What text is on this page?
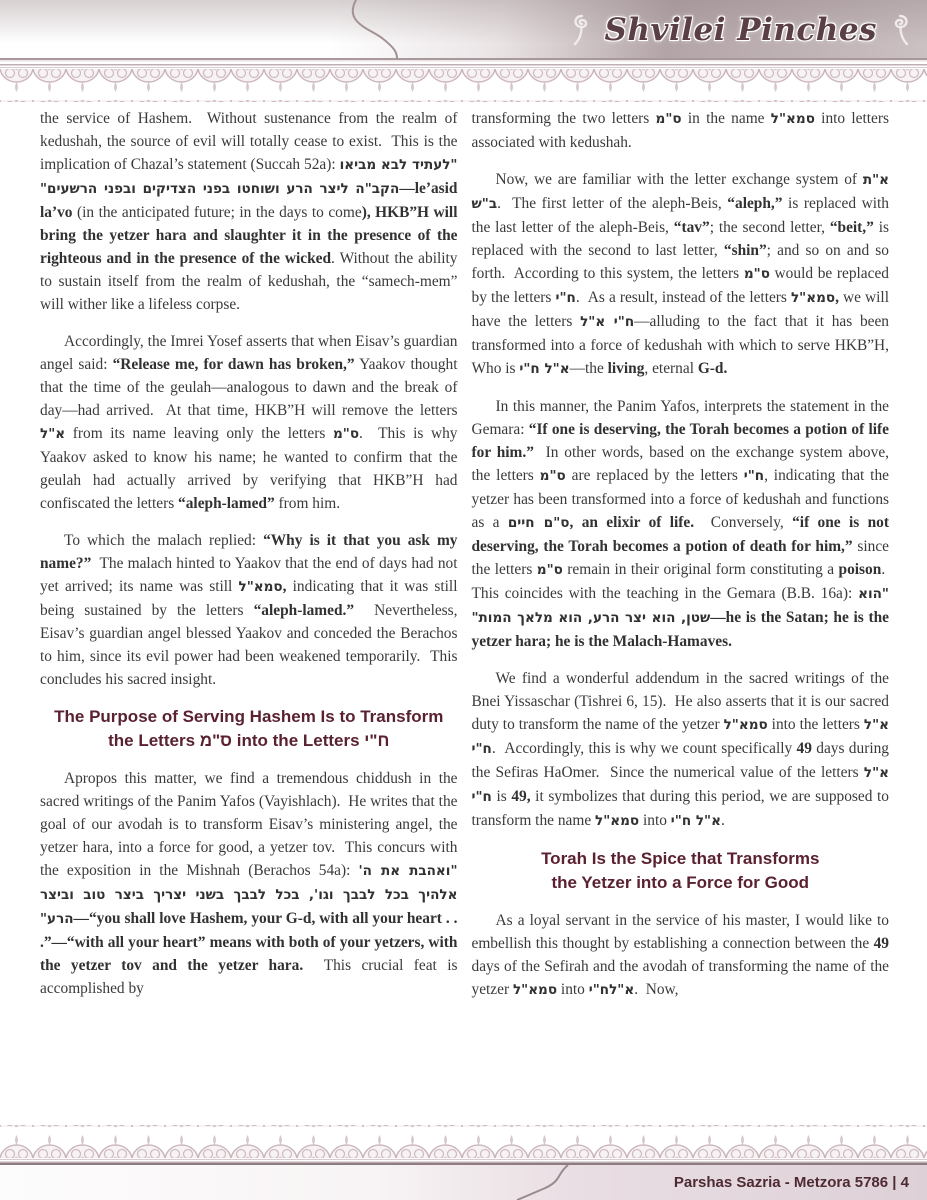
Shvilei Pinches

the service of Hashem.  Without sustenance from the realm of kedushah, the source of evil will totally cease to exist.  This is the implication of Chazal’s statement (Succah 52a): "לעתיד לבא מביאו הקב"ה ליצר הרע ושוחטו בפני הצדיקים ובפני הרשעים"—le’asid la’vo (in the anticipated future; in the days to come), HKB”H will bring the yetzer hara and slaughter it in the presence of the righteous and in the presence of the wicked. Without the ability to sustain itself from the realm of kedushah, the “samech-mem” will wither like a lifeless corpse.

Accordingly, the Imrei Yosef asserts that when Eisav’s guardian angel said: “Release me, for dawn has broken,” Yaakov thought that the time of the geulah—analogous to dawn and the break of day—had arrived.  At that time, HKB”H will remove the letters א"ל from its name leaving only the letters ס"מ.  This is why Yaakov asked to know his name; he wanted to confirm that the geulah had actually arrived by verifying that HKB”H had confiscated the letters “aleph-lamed” from him.

To which the malach replied: “Why is it that you ask my name?”  The malach hinted to Yaakov that the end of days had not yet arrived; its name was still סמא"ל, indicating that it was still being sustained by the letters “aleph-lamed.”  Nevertheless, Eisav’s guardian angel blessed Yaakov and conceded the Berachos to him, since its evil power had been weakened temporarily.  This concludes his sacred insight.

The Purpose of Serving Hashem Is to Transform
the Letters ס"מ into the Letters ח"י

Apropos this matter, we find a tremendous chiddush in the sacred writings of the Panim Yafos (Vayishlach).  He writes that the goal of our avodah is to transform Eisav’s ministering angel, the yetzer hara, into a force for good, a yetzer tov.  This concurs with the exposition in the Mishnah (Berachos 54a): "ואהבת את ה' אלהיך בכל לבבך וגו', בכל לבבך בשני יצריך ביצר טוב וביצר הרע"—“you shall love Hashem, your G-d, with all your heart . . .”—“with all your heart” means with both of your yetzers, with the yetzer tov and the yetzer hara.  This crucial feat is accomplished by

transforming the two letters ס"מ in the name סמא"ל into letters associated with kedushah.

Now, we are familiar with the letter exchange system of א"ת ב"ש.  The first letter of the aleph-Beis, “aleph,” is replaced with the last letter of the aleph-Beis, “tav”; the second letter, “beit,” is replaced with the second to last letter, “shin”; and so on and so forth.  According to this system, the letters ס"מ would be replaced by the letters ח"י.  As a result, instead of the letters סמא"ל, we will have the letters ח"י א"ל—alluding to the fact that it has been transformed into a force of kedushah with which to serve HKB”H, Who is א"ל ח"י—the living, eternal G-d.

In this manner, the Panim Yafos, interprets the statement in the Gemara: “If one is deserving, the Torah becomes a potion of life for him.”  In other words, based on the exchange system above, the letters ס"מ are replaced by the letters ח"י, indicating that the yetzer has been transformed into a force of kedushah and functions as a ס"ם חיים, an elixir of life.  Conversely, “if one is not deserving, the Torah becomes a potion of death for him,” since the letters ס"מ remain in their original form constituting a poison.  This coincides with the teaching in the Gemara (B.B. 16a): "הוא שטן, הוא יצר הרע, הוא מלאך המות"—he is the Satan; he is the yetzer hara; he is the Malach-Hamaves.

We find a wonderful addendum in the sacred writings of the Bnei Yissaschar (Tishrei 6, 15).  He also asserts that it is our sacred duty to transform the name of the yetzer סמא"ל into the letters א"ל ח"י.  Accordingly, this is why we count specifically 49 days during the Sefiras HaOmer.  Since the numerical value of the letters א"ל ח"י is 49, it symbolizes that during this period, we are supposed to transform the name סמא"ל into א"ל ח"י.

Torah Is the Spice that Transforms
the Yetzer into a Force for Good

As a loyal servant in the service of his master, I would like to embellish this thought by establishing a connection between the 49 days of the Sefirah and the avodah of transforming the name of the yetzer סמא"ל into א"לח"י.  Now,

Parshas Sazria - Metzora 5786 | 4
